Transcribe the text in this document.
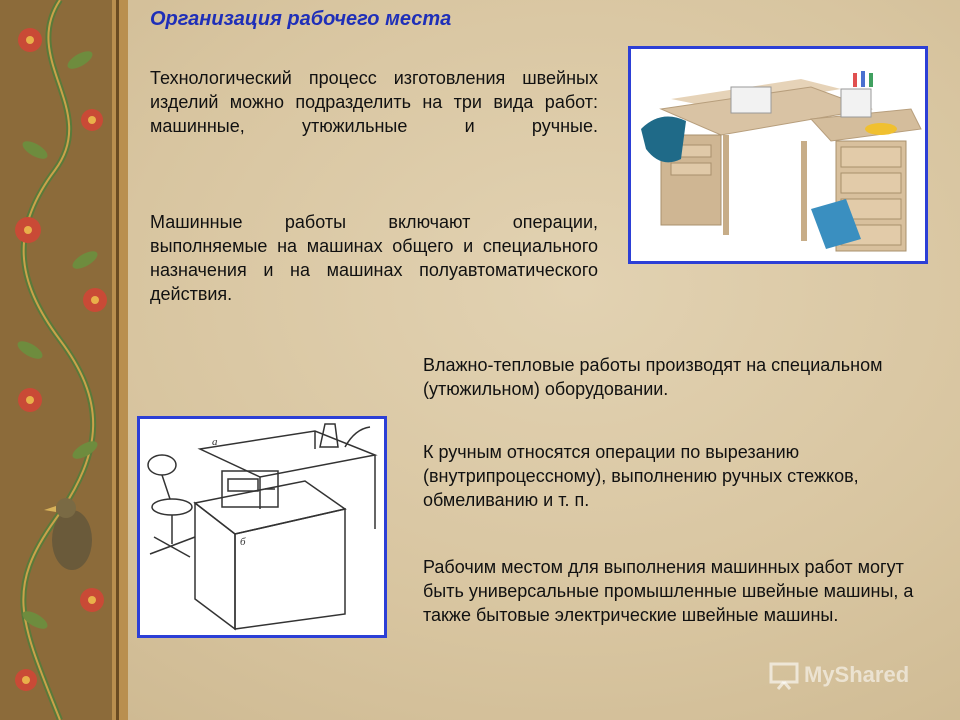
Организация рабочего места
Технологический процесс изготовления швейных изделий можно подразделить на три вида работ: машинные, утюжильные и ручные.
Машинные работы включают операции, выполняемые на машинах общего и специального назначения и на машинах полуавтоматического действия.
Влажно-тепловые работы производят на специальном (утюжильном) оборудовании.
К ручным относятся операции по вырезанию (внутрипроцессному), выполнению ручных стежков, обмеливанию и т. п.
Рабочим местом для выполнения машинных работ могут быть универсальные промышленные швейные машины, а также бытовые электрические швейные машины.
а
б
MyShared
